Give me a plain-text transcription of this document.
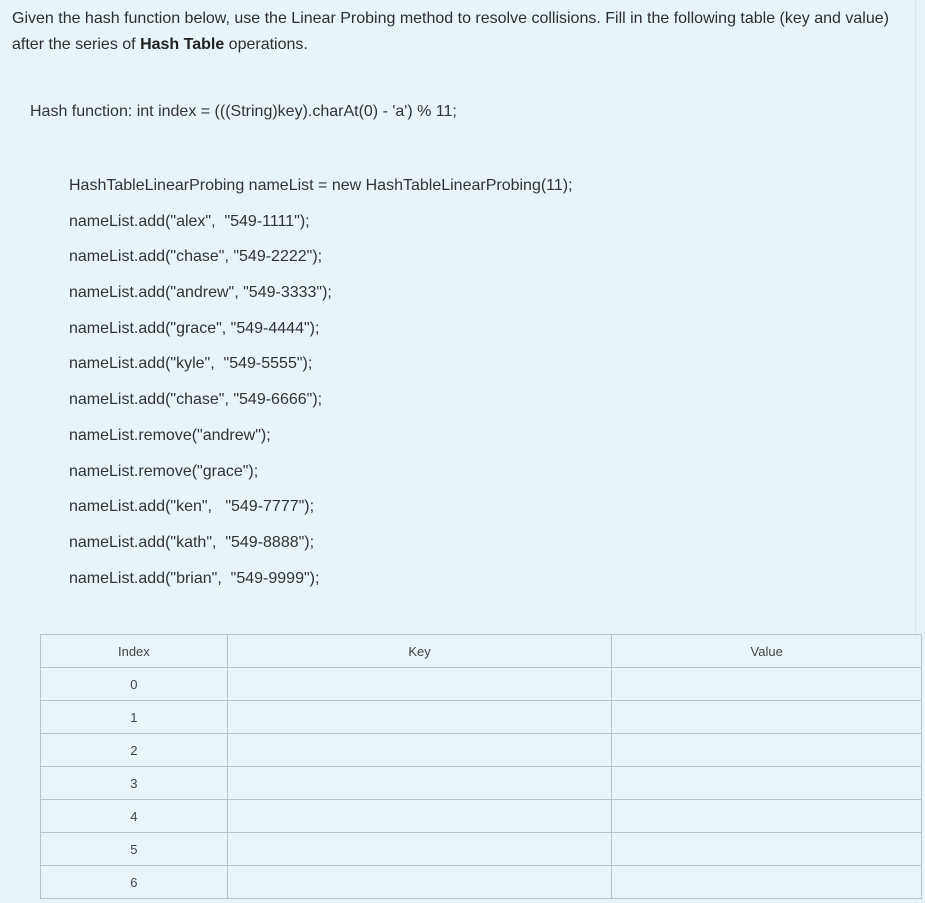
Given the hash function below, use the Linear Probing method to resolve collisions. Fill in the following table (key and value) after the series of Hash Table operations.

Hash function: int index = (((String)key).charAt(0) - 'a') % 11;

HashTableLinearProbing nameList = new HashTableLinearProbing(11);
nameList.add("alex",  "549-1111");
nameList.add("chase", "549-2222");
nameList.add("andrew", "549-3333");
nameList.add("grace", "549-4444");
nameList.add("kyle",  "549-5555");
nameList.add("chase", "549-6666");
nameList.remove("andrew");
nameList.remove("grace");
nameList.add("ken",   "549-7777");
nameList.add("kath",  "549-8888");
nameList.add("brian",  "549-9999");
Index	Key	Value
0		
1		
2		
3		
4		
5		
6		
